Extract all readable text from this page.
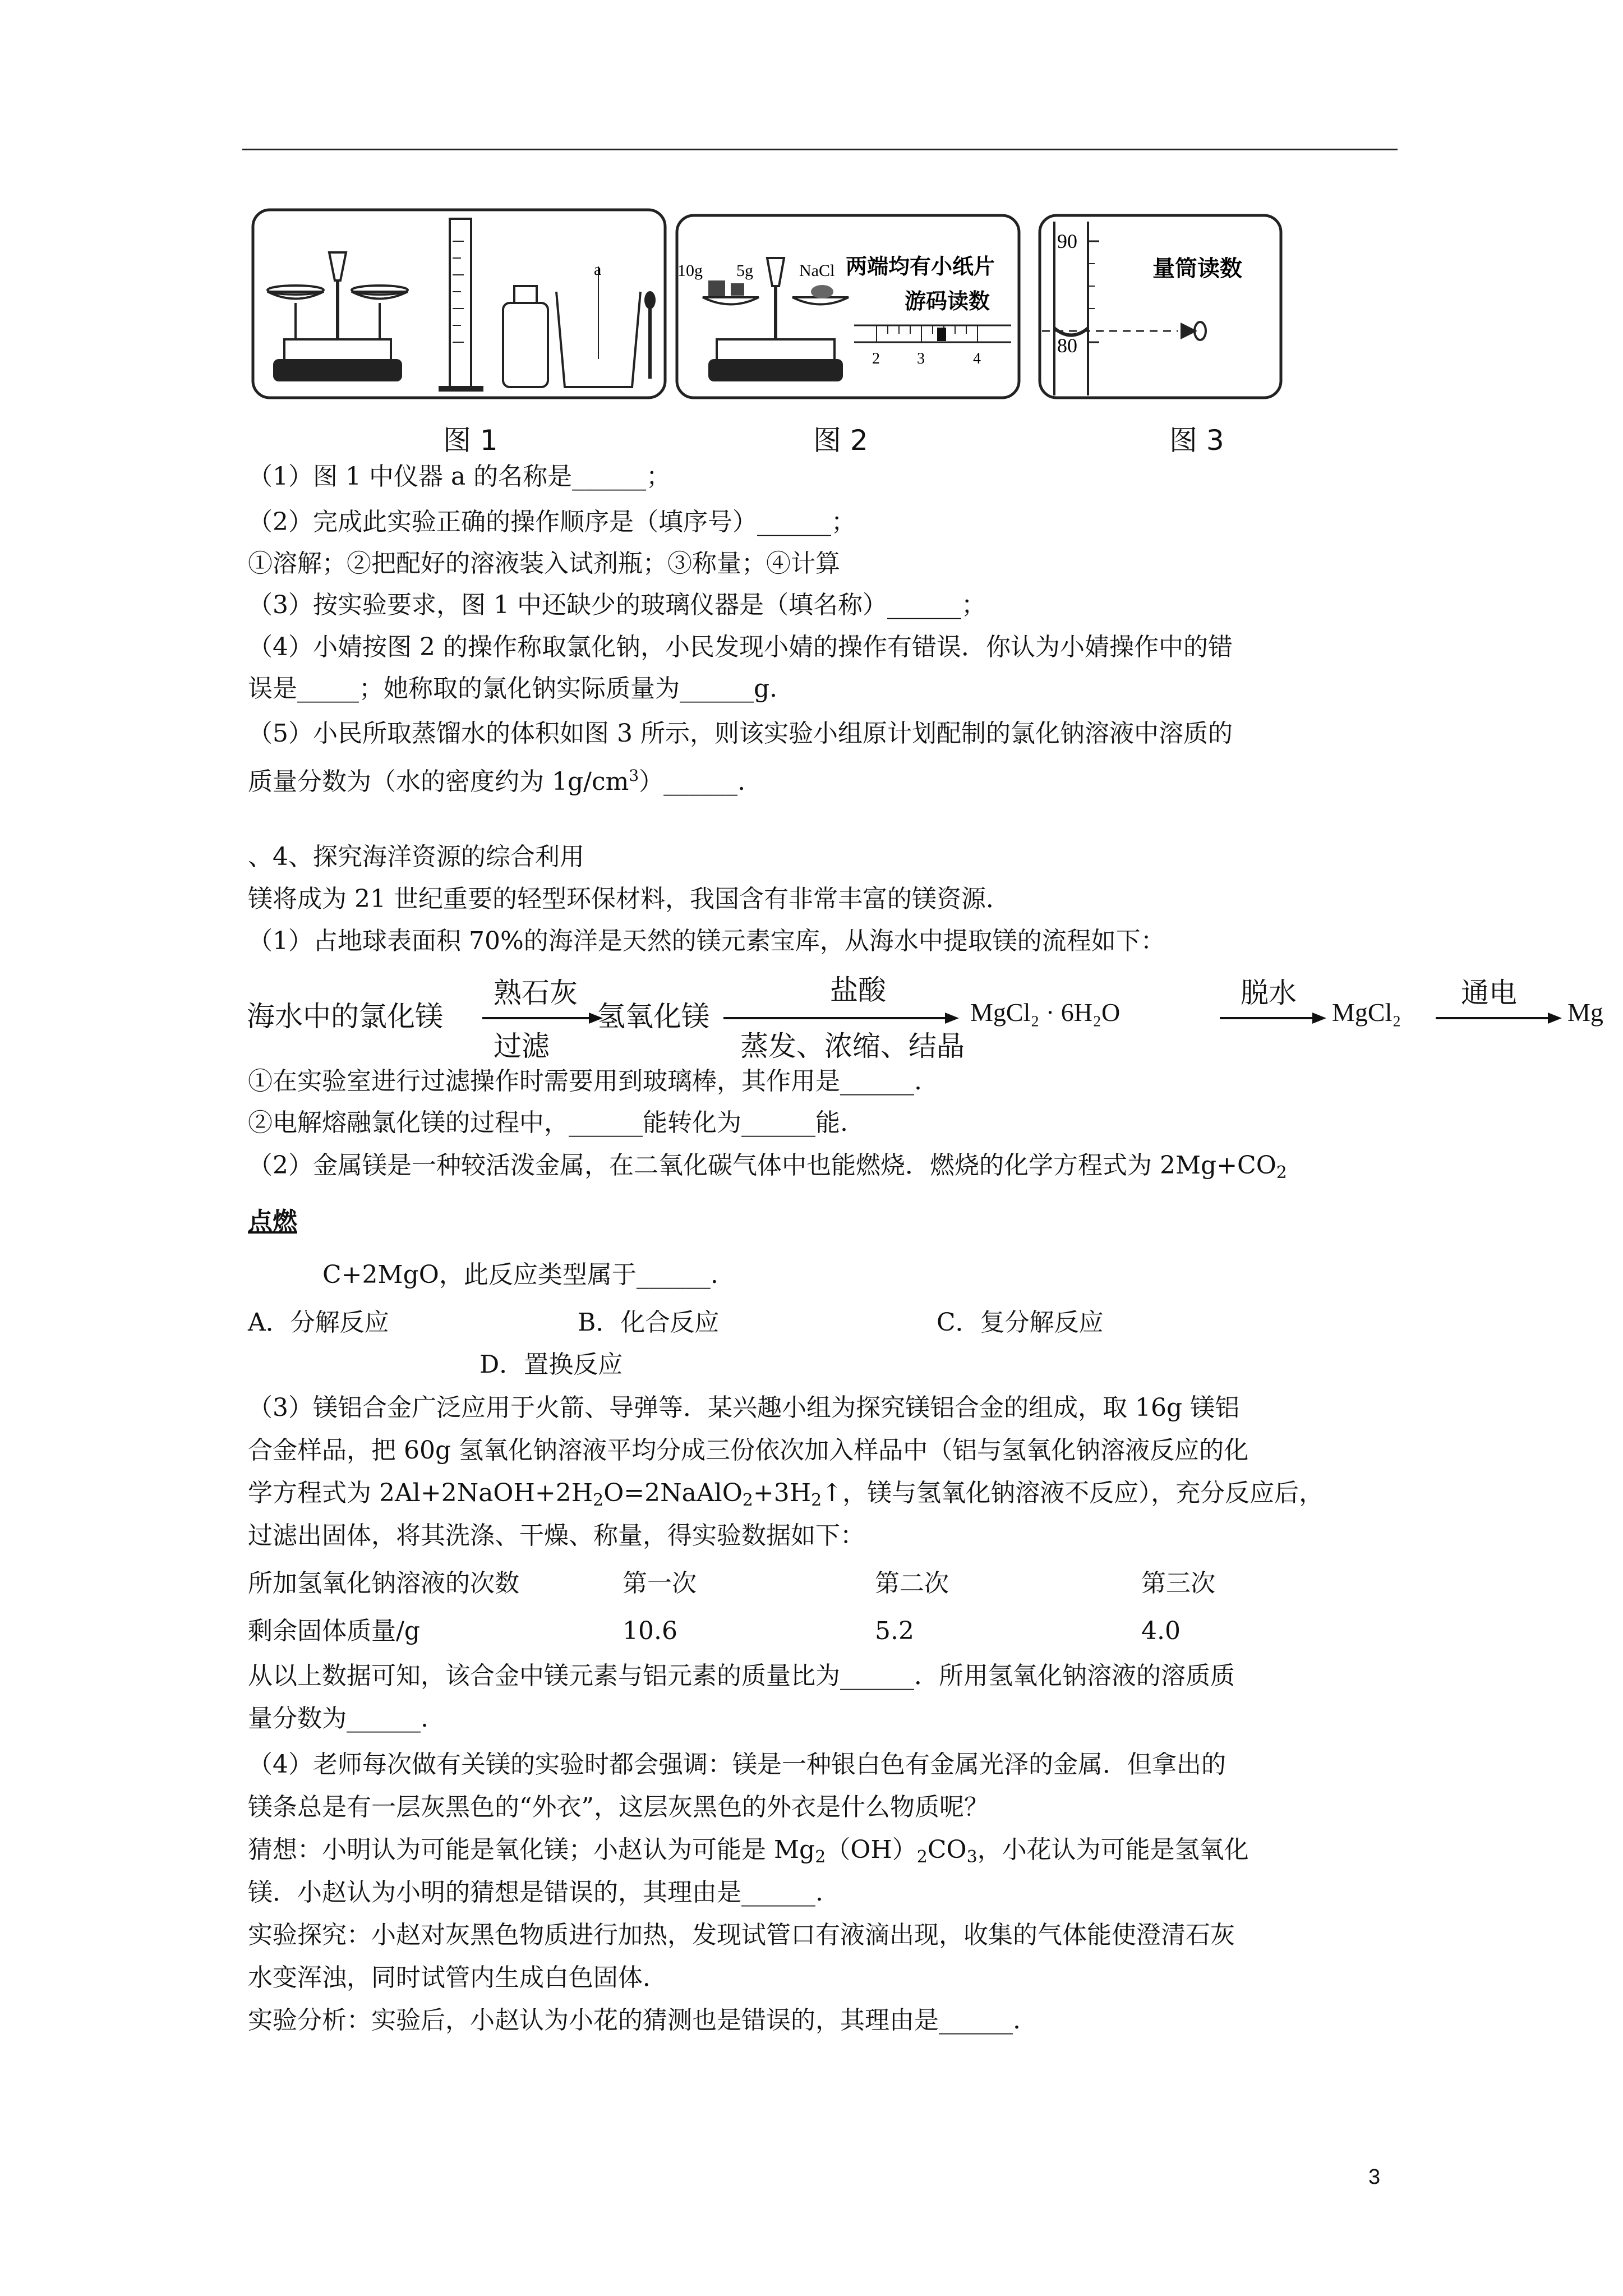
a	10g 5g	NaCl 两端均有小纸片
游码读数
2 3	4
90
80
量筒读数
图 1	图 2	图 3
（1）图 1 中仪器 a 的名称是______；
（2）完成此实验正确的操作顺序是（填序号）______；
①溶解；②把配好的溶液装入试剂瓶；③称量；④计算
（3）按实验要求，图 1 中还缺少的玻璃仪器是（填名称）______；
（4）小婧按图 2 的操作称取氯化钠，小民发现小婧的操作有错误．你认为小婧操作中的错
误是_____；她称取的氯化钠实际质量为______g.
（5）小民所取蒸馏水的体积如图 3 所示，则该实验小组原计划配制的氯化钠溶液中溶质的
质量分数为（水的密度约为 $1g/cm^3)\_\_\_\_\_\_$.
、4、探究海洋资源的综合利用
镁将成为 21 世纪重要的轻型环保材料，我国含有非常丰富的镁资源．
（1）占地球表面积 70%的海洋是天然的镁元素宝库，从海水中提取镁的流程如下：
海水中的氯化镁
熟石灰
过滤
氢氧化镁
盐酸
蒸发、浓缩、结晶
MgCl₂ · 6H₂O
脱水
MgCl₂
通电
Mg
①在实验室进行过滤操作时需要用到玻璃棒，其作用是______.
②电解熔融氯化镁的过程中，______能转化为______能.
（2）金属镁是一种较活泼金属，在二氧化碳气体中也能燃烧．燃烧的化学方程式为 $2Mg+CO_2$
点燃
C+2MgO，此反应类型属于______.
A．分解反应	B．化合反应	C．复分解反应
D．置换反应
（3）镁铝合金广泛应用于火箭、导弹等．某兴趣小组为探究镁铝合金的组成，取 16g 镁铝
合金样品，把 60g 氢氧化钠溶液平均分成三份依次加入样品中（铝与氢氧化钠溶液反应的化
学方程式为 $2Al+2NaOH+2H_2O=2NaAlO_2+3H_2↑$，镁与氢氧化钠溶液不反应），充分反应后，
过滤出固体，将其洗涤、干燥、称量，得实验数据如下：
所加氢氧化钠溶液的次数	第一次	第二次	第三次
剩余固体质量/g	10.6	5.2	4.0
从以上数据可知，该合金中镁元素与铝元素的质量比为______．所用氢氧化钠溶液的溶质质
量分数为______.
（4）老师每次做有关镁的实验时都会强调：镁是一种银白色有金属光泽的金属．但拿出的
镁条总是有一层灰黑色的“外衣”，这层灰黑色的外衣是什么物质呢？
猜想：小明认为可能是氧化镁；小赵认为可能是 $Mg_2(OH)_2CO_3$，小花认为可能是氢氧化
镁．小赵认为小明的猜想是错误的，其理由是______.
实验探究：小赵对灰黑色物质进行加热，发现试管口有液滴出现，收集的气体能使澄清石灰
水变浑浊，同时试管内生成白色固体．
实验分析：实验后，小赵认为小花的猜测也是错误的，其理由是______.
3
